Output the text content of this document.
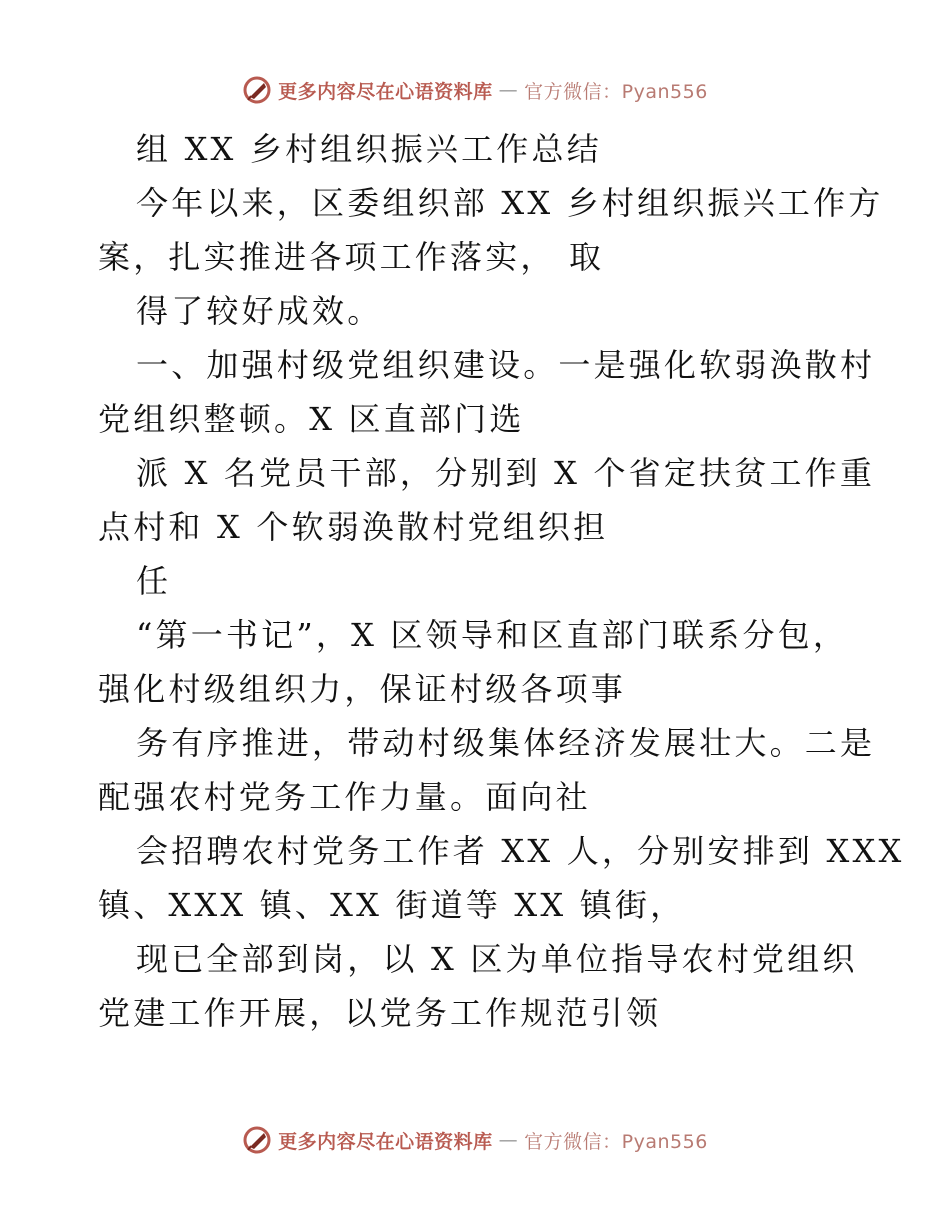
更多内容尽在心语资料库 — 官方微信：Pyan556
组 XX 乡村组织振兴工作总结
今年以来，区委组织部 XX 乡村组织振兴工作方
案，扎实推进各项工作落实， 取
得了较好成效。
一、加强村级党组织建设。一是强化软弱涣散村
党组织整顿。X 区直部门选
派 X 名党员干部，分别到 X 个省定扶贫工作重
点村和 X 个软弱涣散村党组织担
任
“第一书记”，X 区领导和区直部门联系分包，
强化村级组织力，保证村级各项事
务有序推进，带动村级集体经济发展壮大。二是
配强农村党务工作力量。面向社
会招聘农村党务工作者 XX 人，分别安排到 XXX
镇、XXX 镇、XX 街道等 XX 镇街，
现已全部到岗，以 X 区为单位指导农村党组织
党建工作开展，以党务工作规范引领
更多内容尽在心语资料库 — 官方微信：Pyan556
